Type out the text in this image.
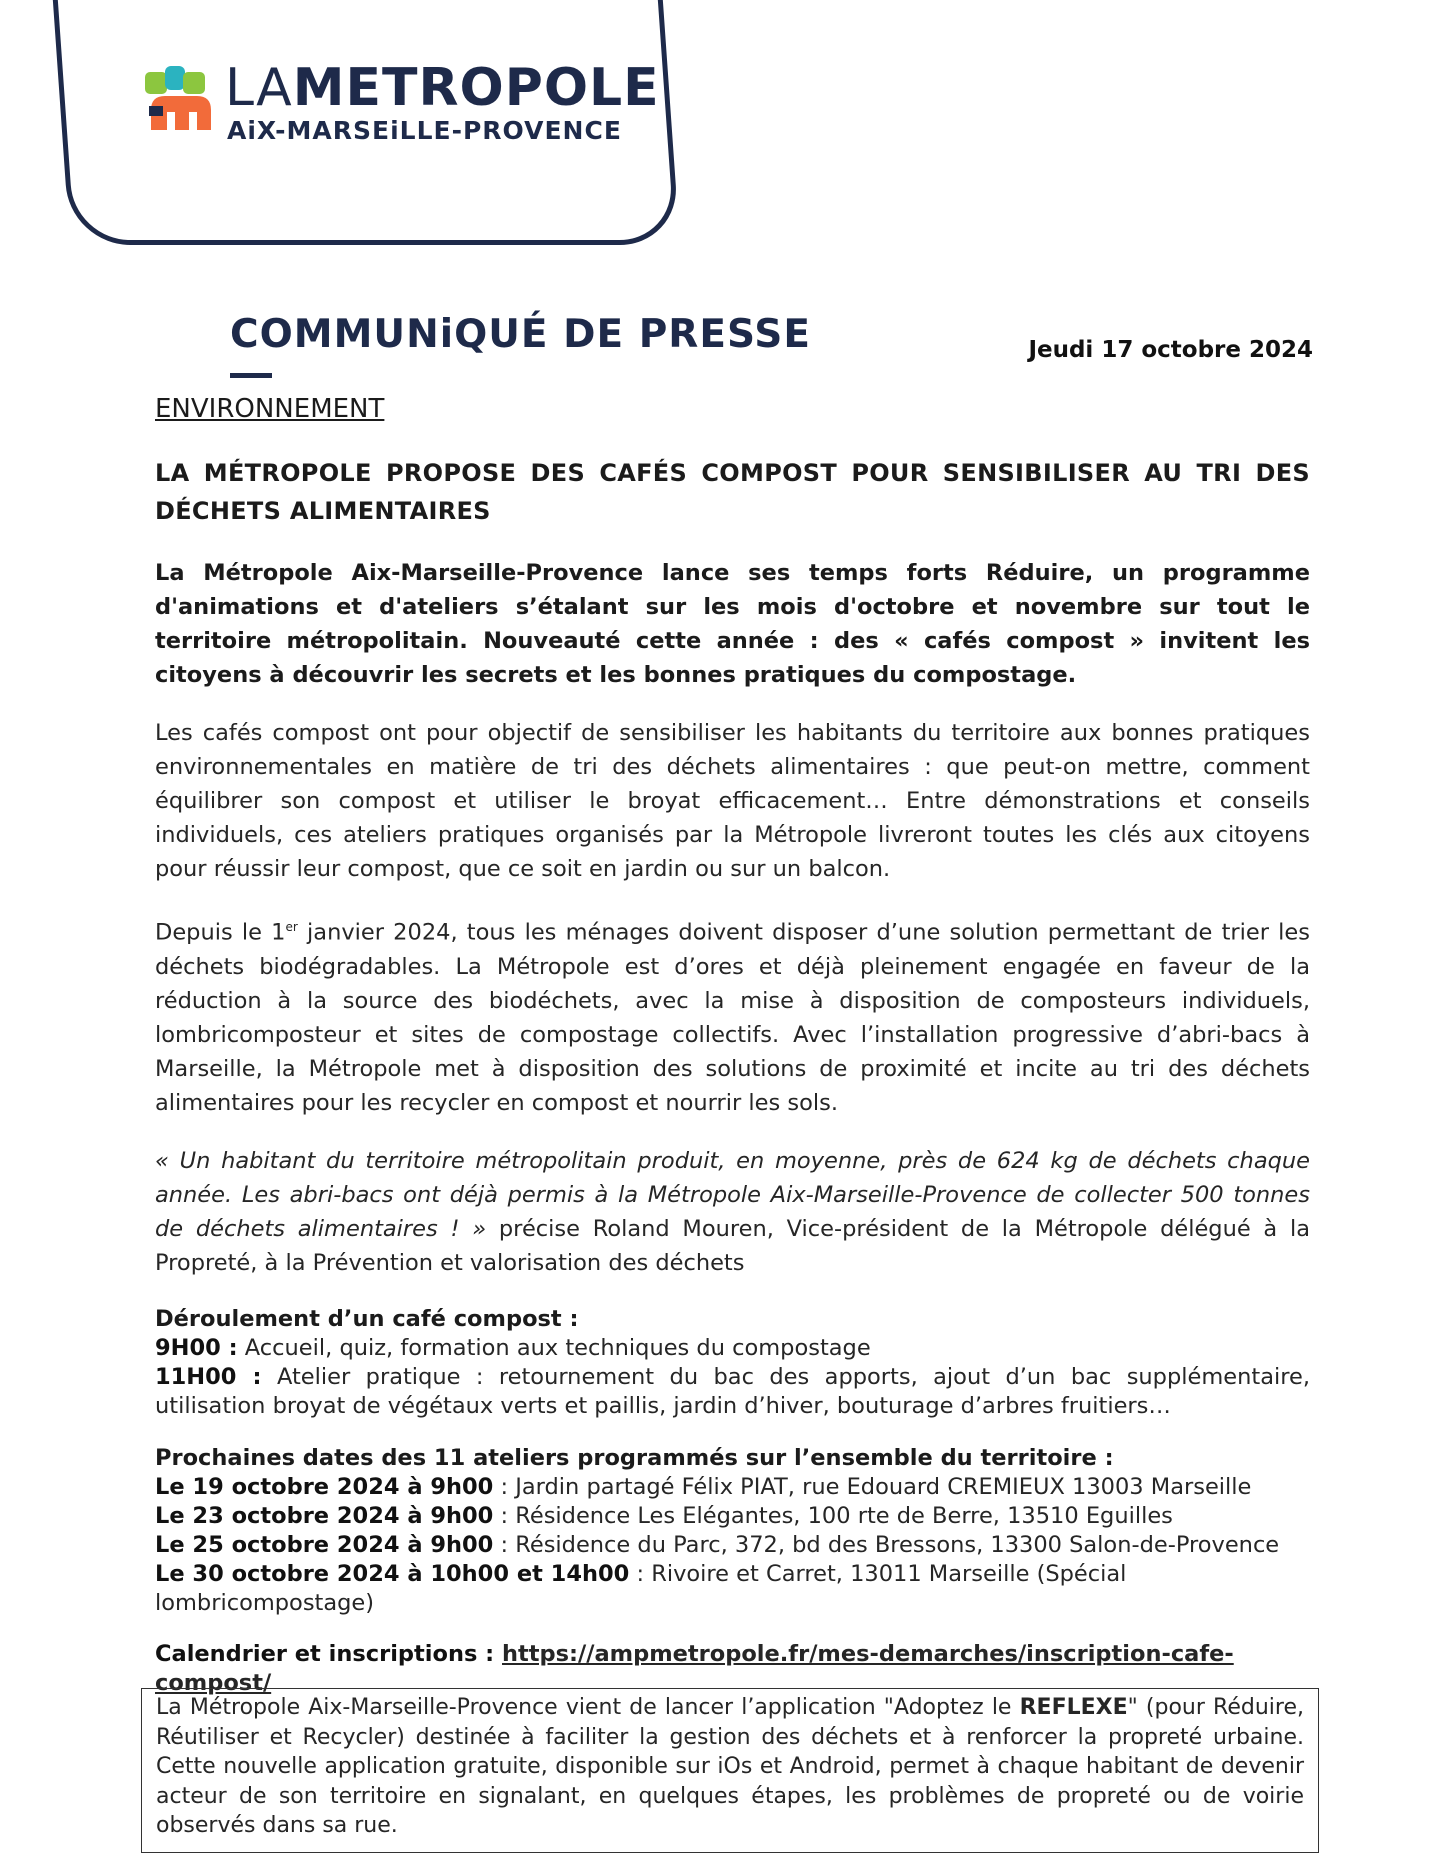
LAMETROPOLE
AiX-MARSEiLLE-PROVENCE
COMMUNiQUÉ DE PRESSE	Jeudi 17 octobre 2024

ENVIRONNEMENT

LA MÉTROPOLE PROPOSE DES CAFÉS COMPOST POUR SENSIBILISER AU TRI DES DÉCHETS ALIMENTAIRES

La Métropole Aix-Marseille-Provence lance ses temps forts Réduire, un programme d'animations et d'ateliers s’étalant sur les mois d'octobre et novembre sur tout le territoire métropolitain. Nouveauté cette année : des « cafés compost » invitent les citoyens à découvrir les secrets et les bonnes pratiques du compostage.

Les cafés compost ont pour objectif de sensibiliser les habitants du territoire aux bonnes pratiques environnementales en matière de tri des déchets alimentaires : que peut-on mettre, comment équilibrer son compost et utiliser le broyat efficacement… Entre démonstrations et conseils individuels, ces ateliers pratiques organisés par la Métropole livreront toutes les clés aux citoyens pour réussir leur compost, que ce soit en jardin ou sur un balcon.

Depuis le 1er janvier 2024, tous les ménages doivent disposer d’une solution permettant de trier les déchets biodégradables. La Métropole est d’ores et déjà pleinement engagée en faveur de la réduction à la source des biodéchets, avec la mise à disposition de composteurs individuels, lombricomposteur et sites de compostage collectifs. Avec l’installation progressive d’abri-bacs à Marseille, la Métropole met à disposition des solutions de proximité et incite au tri des déchets alimentaires pour les recycler en compost et nourrir les sols.

« Un habitant du territoire métropolitain produit, en moyenne, près de 624 kg de déchets chaque année. Les abri-bacs ont déjà permis à la Métropole Aix-Marseille-Provence de collecter 500 tonnes de déchets alimentaires ! » précise Roland Mouren, Vice-président de la Métropole délégué à la Propreté, à la Prévention et valorisation des déchets

Déroulement d’un café compost :

9H00 : Accueil, quiz, formation aux techniques du compostage

11H00 : Atelier pratique : retournement du bac des apports, ajout d’un bac supplémentaire, utilisation broyat de végétaux verts et paillis, jardin d’hiver, bouturage d’arbres fruitiers…

Prochaines dates des 11 ateliers programmés sur l’ensemble du territoire :

Le 19 octobre 2024 à 9h00 : Jardin partagé Félix PIAT, rue Edouard CREMIEUX 13003 Marseille

Le 23 octobre 2024 à 9h00 : Résidence Les Elégantes, 100 rte de Berre, 13510 Eguilles

Le 25 octobre 2024 à 9h00 : Résidence du Parc, 372, bd des Bressons, 13300 Salon-de-Provence

Le 30 octobre 2024 à 10h00 et 14h00 : Rivoire et Carret, 13011 Marseille (Spécial lombricompostage)

Calendrier et inscriptions : https://ampmetropole.fr/mes-demarches/inscription-cafe-compost/

La Métropole Aix-Marseille-Provence vient de lancer l’application "Adoptez le REFLEXE" (pour Réduire, Réutiliser et Recycler) destinée à faciliter la gestion des déchets et à renforcer la propreté urbaine. Cette nouvelle application gratuite, disponible sur iOs et Android, permet à chaque habitant de devenir acteur de son territoire en signalant, en quelques étapes, les problèmes de propreté ou de voirie observés dans sa rue.
